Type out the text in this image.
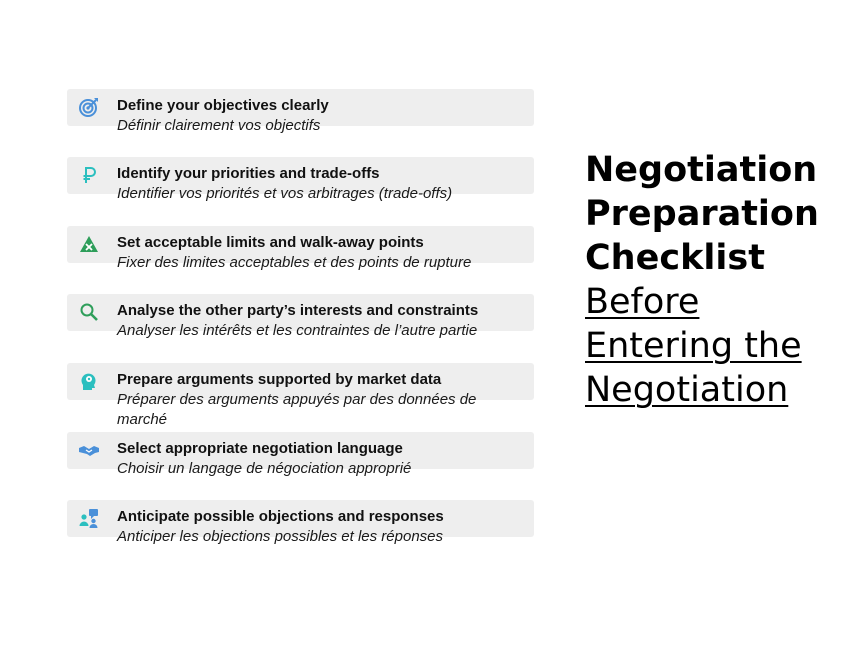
Define your objectives clearly
Définir clairement vos objectifs
Identify your priorities and trade-offs
Identifier vos priorités et vos arbitrages (trade-offs)
Set acceptable limits and walk-away points
Fixer des limites acceptables et des points de rupture
Analyse the other party’s interests and constraints
Analyser les intérêts et les contraintes de l’autre partie
Prepare arguments supported by market data
Préparer des arguments appuyés par des données de marché
Select appropriate negotiation language
Choisir un langage de négociation approprié
Anticipate possible objections and responses
Anticiper les objections possibles et les réponses
Negotiation Preparation Checklist
Before Entering the Negotiation
